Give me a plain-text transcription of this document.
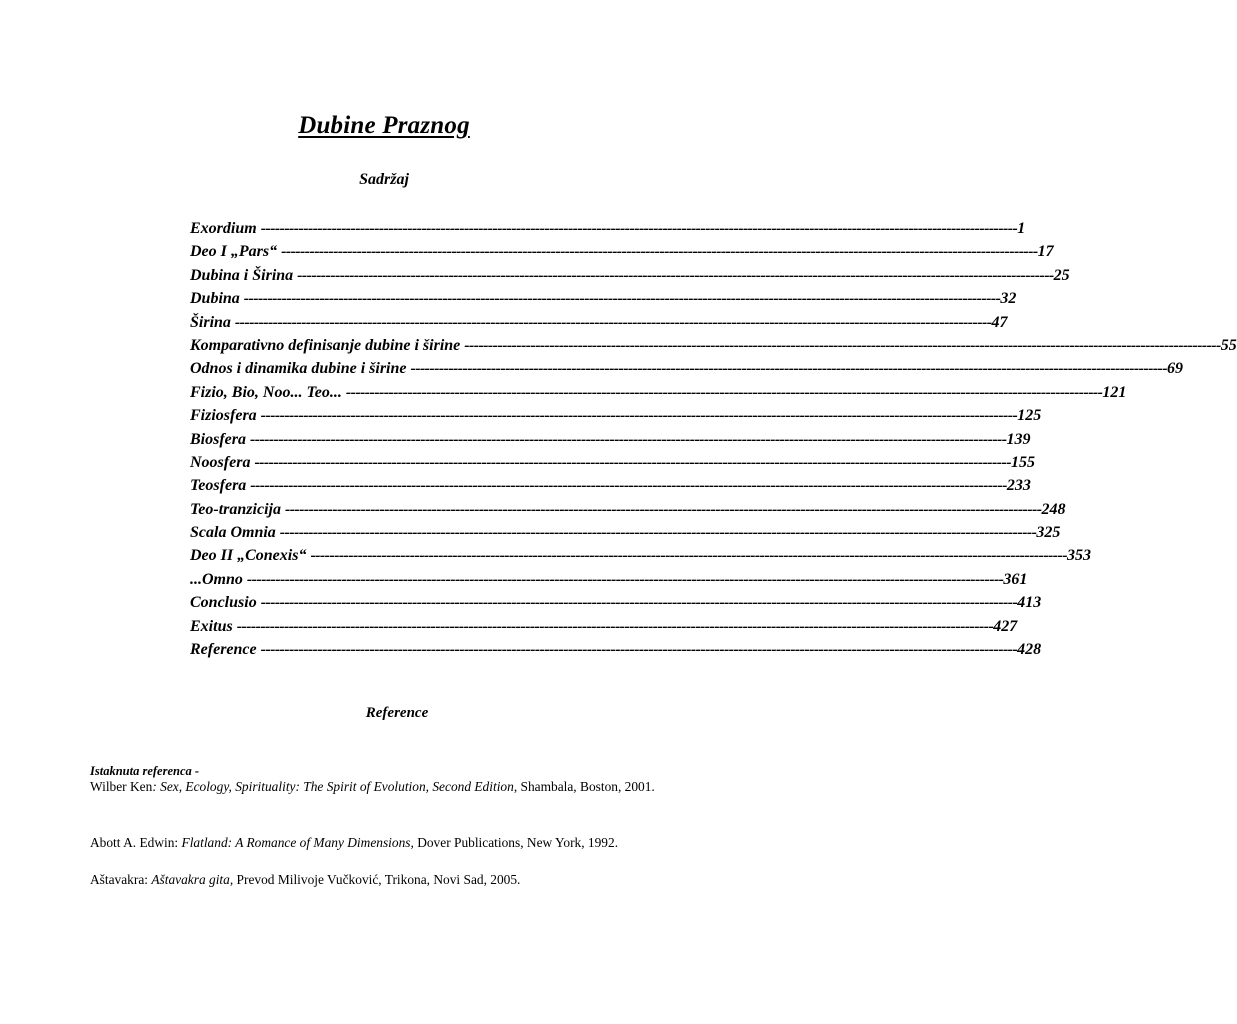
Dubine Praznog
Sadržaj
Exordium ---------------------------------------------------------------------------------------------------------------------------------------------------------------- 1
Deo I „Pars“ ---------------------------------------------------------------------------------------------------------------------------------------------------------------- 17
Dubina i Širina ---------------------------------------------------------------------------------------------------------------------------------------------------------------- 25
Dubina ---------------------------------------------------------------------------------------------------------------------------------------------------------------- 32
Širina ---------------------------------------------------------------------------------------------------------------------------------------------------------------- 47
Komparativno definisanje dubine i širine ---------------------------------------------------------------------------------------------------------------------------------------------------------------- 55
Odnos i dinamika dubine i širine ---------------------------------------------------------------------------------------------------------------------------------------------------------------- 69
Fizio, Bio, Noo... Teo... ---------------------------------------------------------------------------------------------------------------------------------------------------------------- 121
Fiziosfera ---------------------------------------------------------------------------------------------------------------------------------------------------------------- 125
Biosfera ---------------------------------------------------------------------------------------------------------------------------------------------------------------- 139
Noosfera ---------------------------------------------------------------------------------------------------------------------------------------------------------------- 155
Teosfera ---------------------------------------------------------------------------------------------------------------------------------------------------------------- 233
Teo-tranzicija ---------------------------------------------------------------------------------------------------------------------------------------------------------------- 248
Scala Omnia ---------------------------------------------------------------------------------------------------------------------------------------------------------------- 325
Deo II „Conexis“ ---------------------------------------------------------------------------------------------------------------------------------------------------------------- 353
...Omno ---------------------------------------------------------------------------------------------------------------------------------------------------------------- 361
Conclusio ---------------------------------------------------------------------------------------------------------------------------------------------------------------- 413
Exitus ---------------------------------------------------------------------------------------------------------------------------------------------------------------- 427
Reference ---------------------------------------------------------------------------------------------------------------------------------------------------------------- 428
Reference
Istaknuta referenca -
Wilber Ken: Sex, Ecology, Spirituality: The Spirit of Evolution, Second Edition, Shambala, Boston, 2001.
Abott A. Edwin: Flatland: A Romance of Many Dimensions, Dover Publications, New York, 1992.
Aštavakra: Aštavakra gita, Prevod Milivoje Vučković, Trikona, Novi Sad, 2005.
